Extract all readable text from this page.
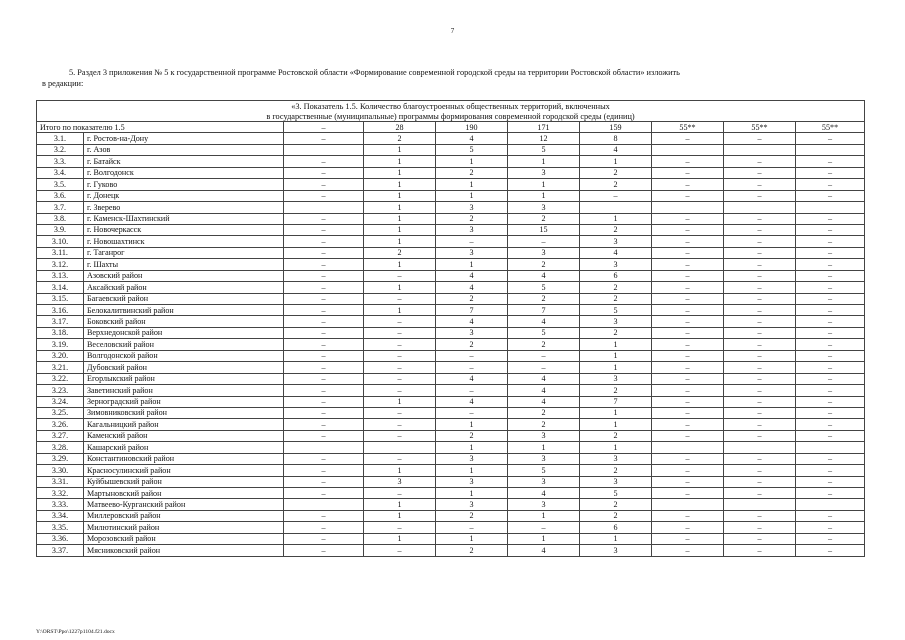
7
5. Раздел 3 приложения № 5 к государственной программе Ростовской области «Формирование современной городской среды на территории Ростовской области» изложить
в редакции:
«3. Показатель 1.5. Количество благоустроенных общественных территорий, включенных									
в государственные (муниципальные) программы формирования современной городской среды (единиц)									
Итого по показателю 1.5		–	28	190	171	159	55**	55**	55**
3.1.	г. Ростов-на-Дону	–	2	4	12	8	–	–	–
3.2.	г. Азов		1	5	5	4			
3.3.	г. Батайск	–	1	1	1	1	–	–	–
3.4.	г. Волгодонск	–	1	2	3	2	–	–	–
3.5.	г. Гуково	–	1	1	1	2	–	–	–
3.6.	г. Донецк	–	1	1	1	–	–	–	–
3.7.	г. Зверево		1	3	3				
3.8.	г. Каменск-Шахтинский	–	1	2	2	1	–	–	–
3.9.	г. Новочеркасск	–	1	3	15	2	–	–	–
3.10.	г. Новошахтинск	–	1	–	–	3	–	–	–
3.11.	г. Таганрог	–	2	3	3	4	–	–	–
3.12.	г. Шахты	–	1	1	2	3	–	–	–
3.13.	Азовский район	–	–	4	4	6	–	–	–
3.14.	Аксайский район	–	1	4	5	2	–	–	–
3.15.	Багаевский район	–	–	2	2	2	–	–	–
3.16.	Белокалитвинский район	–	1	7	7	5	–	–	–
3.17.	Боковский район	–	–	4	4	3	–	–	–
3.18.	Верхнедонской район	–	–	3	5	2	–	–	–
3.19.	Веселовский район	–	–	2	2	1	–	–	–
3.20.	Волгодонской район	–	–	–	–	1	–	–	–
3.21.	Дубовский район	–	–	–	–	1	–	–	–
3.22.	Егорлыкский район	–	–	4	4	3	–	–	–
3.23.	Заветинский район	–	–	–	4	2	–	–	–
3.24.	Зерноградский район	–	1	4	4	7	–	–	–
3.25.	Зимовниковский район	–	–	–	2	1	–	–	–
3.26.	Кагальницкий район	–	–	1	2	1	–	–	–
3.27.	Каменский район	–	–	2	3	2	–	–	–
3.28.	Кашарский район			1	1	1			
3.29.	Константиновский район	–	–	3	3	3	–	–	–
3.30.	Красносулинский район	–	1	1	5	2	–	–	–
3.31.	Куйбышевский район	–	3	3	3	3	–	–	–
3.32.	Мартыновский район	–	–	1	4	5	–	–	–
3.33.	Матвеево-Курганский район		1	3	3	2			
3.34.	Миллеровский район	–	1	2	1	2	–	–	–
3.35.	Милютинский район	–	–	–	–	6	–	–	–
3.36.	Морозовский район	–	1	1	1	1	–	–	–
3.37.	Мясниковский район	–	–	2	4	3	–	–	–
Y:\ORST\Ppo\1227p1104.f21.docx
